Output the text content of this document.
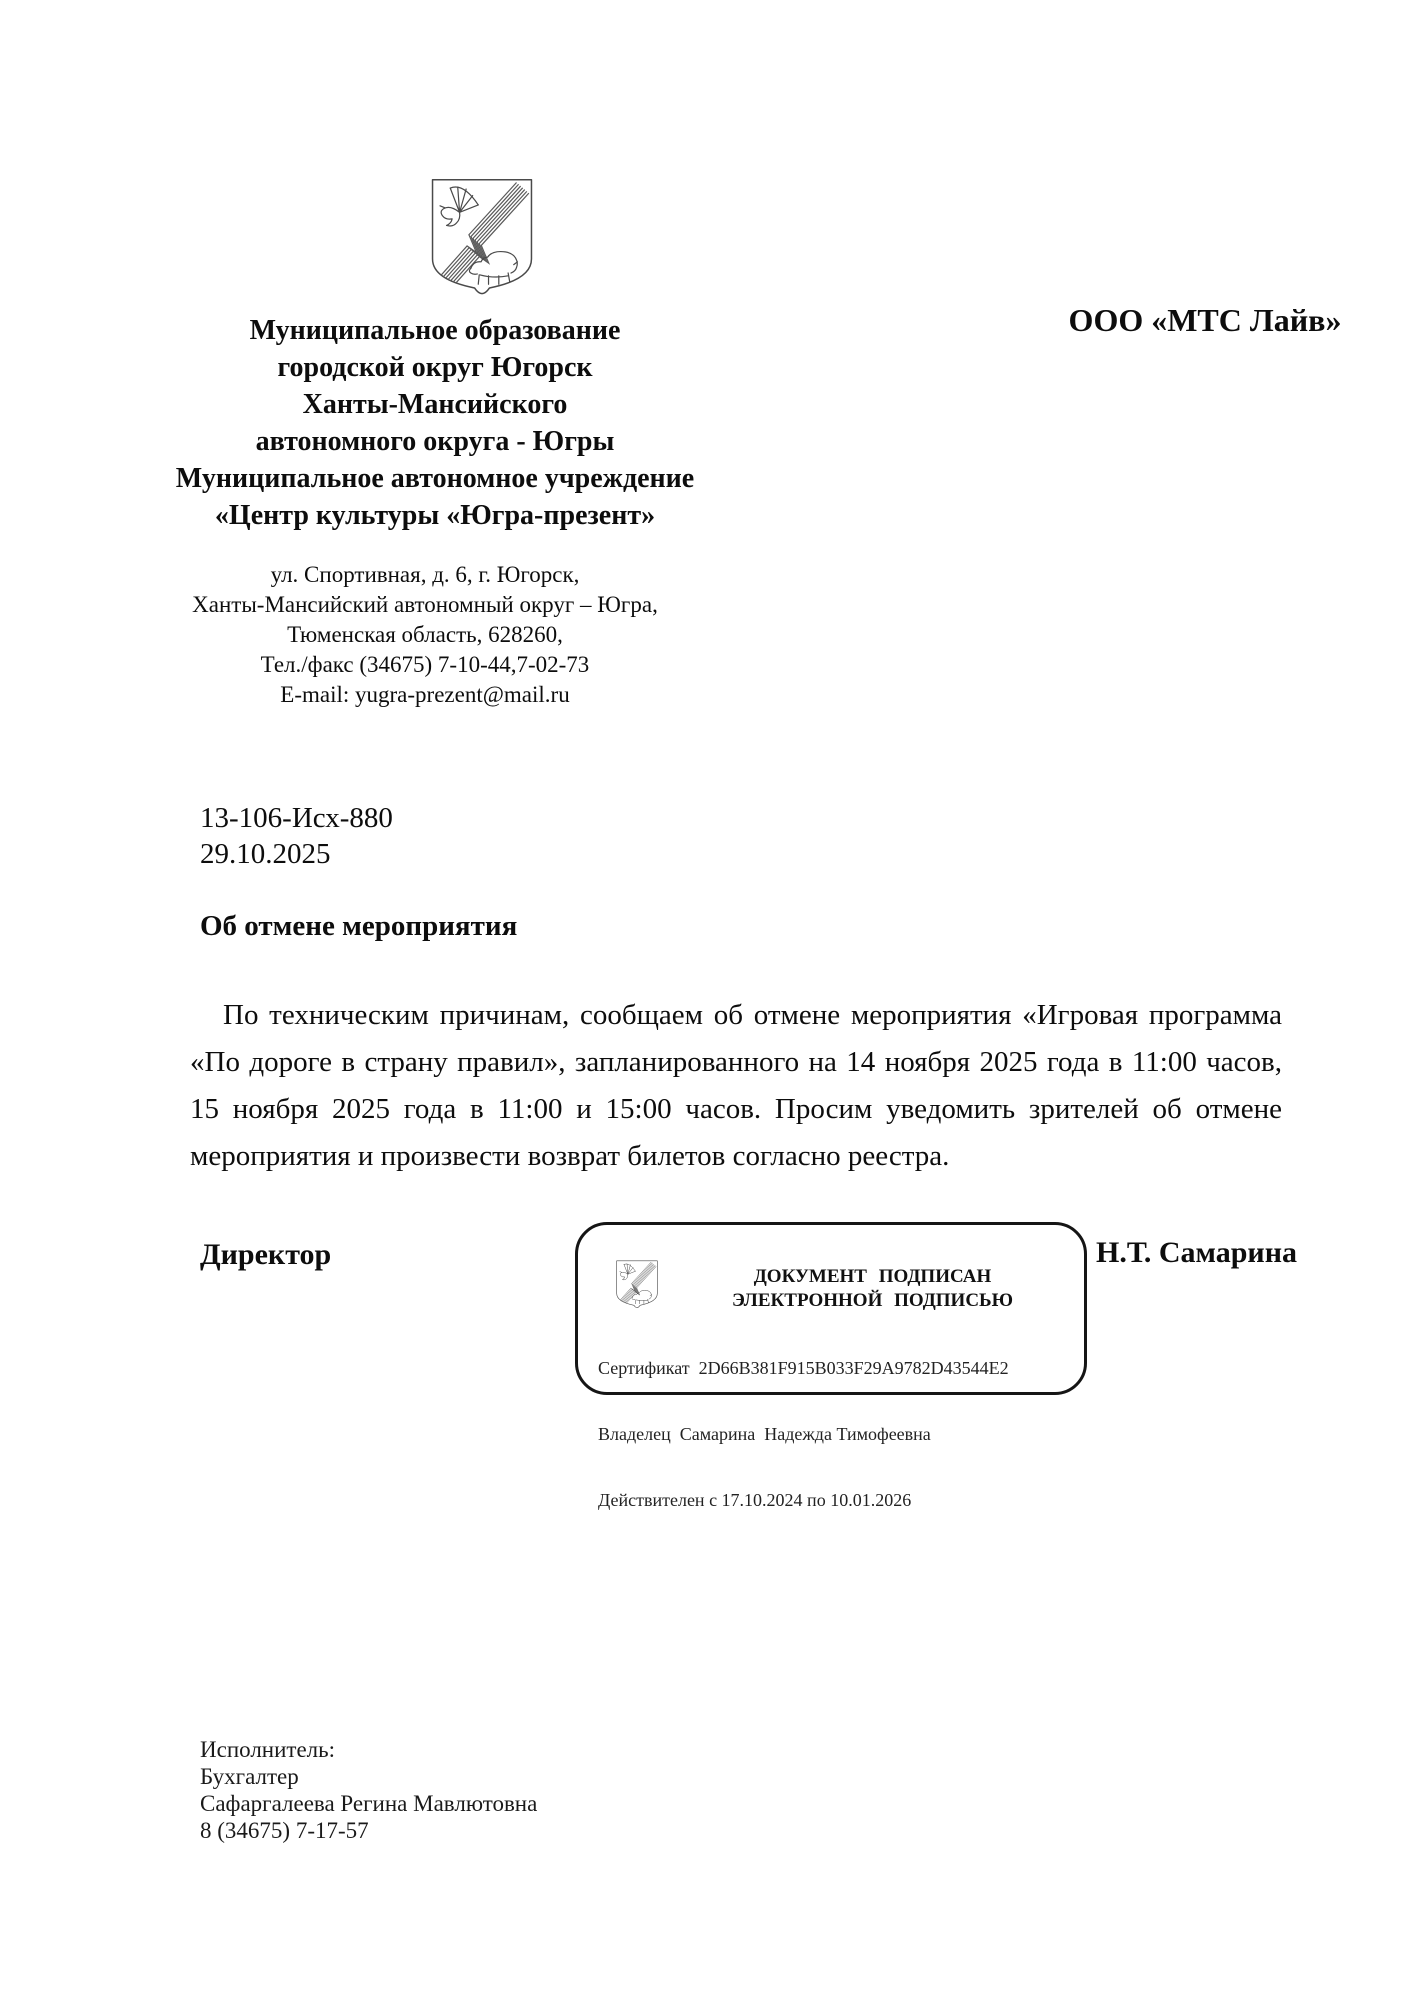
Муниципальное образование
городской округ Югорск
Ханты-Мансийского
автономного округа - Югры
Муниципальное автономное учреждение
«Центр культуры «Югра-презент»
ООО «МТС Лайв»
ул. Спортивная, д. 6, г. Югорск,
Ханты-Мансийский автономный округ – Югра,
Тюменская область, 628260,
Тел./факс (34675) 7-10-44,7-02-73
E-mail: yugra-prezent@mail.ru
13-106-Исх-880
29.10.2025
Об отмене мероприятия
По техническим причинам, сообщаем об отмене мероприятия «Игровая программа «По дороге в страну правил», запланированного на 14 ноября 2025 года в 11:00 часов, 15 ноября 2025 года в 11:00 и 15:00 часов. Просим уведомить зрителей об отмене мероприятия и произвести возврат билетов согласно реестра.
Директор
ДОКУМЕНТ ПОДПИСАН
ЭЛЕКТРОННОЙ ПОДПИСЬЮ

Сертификат  2D66B381F915B033F29A9782D43544E2

Владелец  Самарина  Надежда Тимофеевна

Действителен с 17.10.2024 по 10.01.2026

Н.Т. Самарина
Исполнитель:
Бухгалтер
Сафаргалеева Регина Мавлютовна
8 (34675) 7-17-57
